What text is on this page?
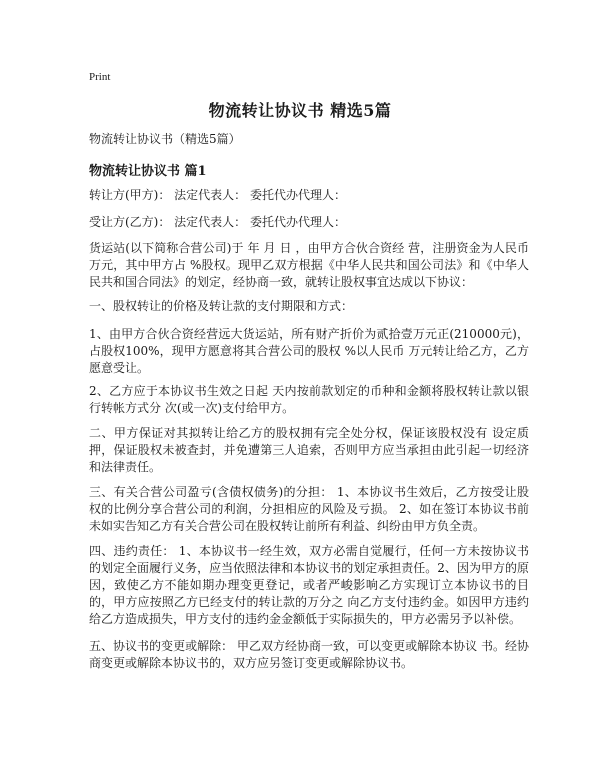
Print
物流转让协议书 精选5篇
物流转让协议书（精选5篇）
物流转让协议书 篇1

转让方(甲方)： 法定代表人： 委托代办代理人：

受让方(乙方)： 法定代表人： 委托代办代理人：

货运站(以下简称合营公司)于 年 月 日 ，由甲方合伙合资经 营，注册资金为人民币 万元，其中甲方占 %股权。现甲乙双方根据《中华人民共和国公司法》和《中华人民共和国合同法》的划定，经协商一致，就转让股权事宜达成以下协议：

一、股权转让的价格及转让款的支付期限和方式：

1、由甲方合伙合资经营远大货运站，所有财产折价为贰拾壹万元正(210000元)，占股权100%，现甲方愿意将其合营公司的股权 %以人民币 万元转让给乙方，乙方愿意受让。

2、乙方应于本协议书生效之日起 天内按前款划定的币种和金额将股权转让款以银行转帐方式分 次(或一次)支付给甲方。

二、甲方保证对其拟转让给乙方的股权拥有完全处分权，保证该股权没有 设定质押，保证股权未被查封，并免遭第三人追索，否则甲方应当承担由此引起一切经济和法律责任。

三、有关合营公司盈亏(含债权债务)的分担： 1、本协议书生效后，乙方按受让股权的比例分享合营公司的利润，分担相应的风险及亏损。 2、如在签订本协议书前未如实告知乙方有关合营公司在股权转让前所有利益、纠纷由甲方负全责。

四、违约责任： 1、本协议书一经生效，双方必需自觉履行，任何一方未按协议书的划定全面履行义务，应当依照法律和本协议书的划定承担责任。2、因为甲方的原因，致使乙方不能如期办理变更登记，或者严峻影响乙方实现订立本协议书的目的，甲方应按照乙方已经支付的转让款的万分之 向乙方支付违约金。如因甲方违约给乙方造成损失，甲方支付的违约金金额低于实际损失的，甲方必需另予以补偿。

五、协议书的变更或解除： 甲乙双方经协商一致，可以变更或解除本协议 书。经协商变更或解除本协议书的，双方应另签订变更或解除协议书。
